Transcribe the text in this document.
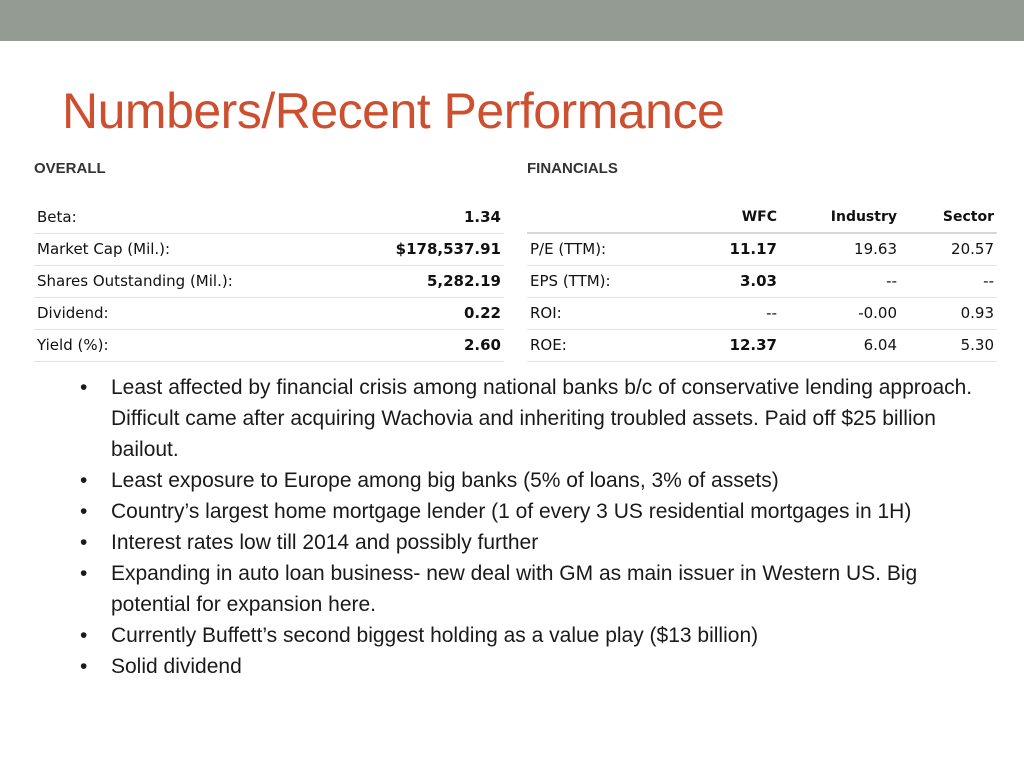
Numbers/Recent Performance
OVERALL
Beta:	1.34
Market Cap (Mil.):	$178,537.91
Shares Outstanding (Mil.):	5,282.19
Dividend:	0.22
Yield (%):	2.60
FINANCIALS

	WFC	Industry	Sector
P/E (TTM):	11.17	19.63	20.57
EPS (TTM):	3.03	--	--
ROI:	--	-0.00	0.93
ROE:	12.37	6.04	5.30
• Least affected by financial crisis among national banks b/c of conservative lending approach. Difficult came after acquiring Wachovia and inheriting troubled assets. Paid off $25 billion bailout.
• Least exposure to Europe among big banks (5% of loans, 3% of assets)
• Country’s largest home mortgage lender (1 of every 3 US residential mortgages in 1H)
• Interest rates low till 2014 and possibly further
• Expanding in auto loan business- new deal with GM as main issuer in Western US. Big potential for expansion here.
• Currently Buffett’s second biggest holding as a value play ($13 billion)
• Solid dividend
